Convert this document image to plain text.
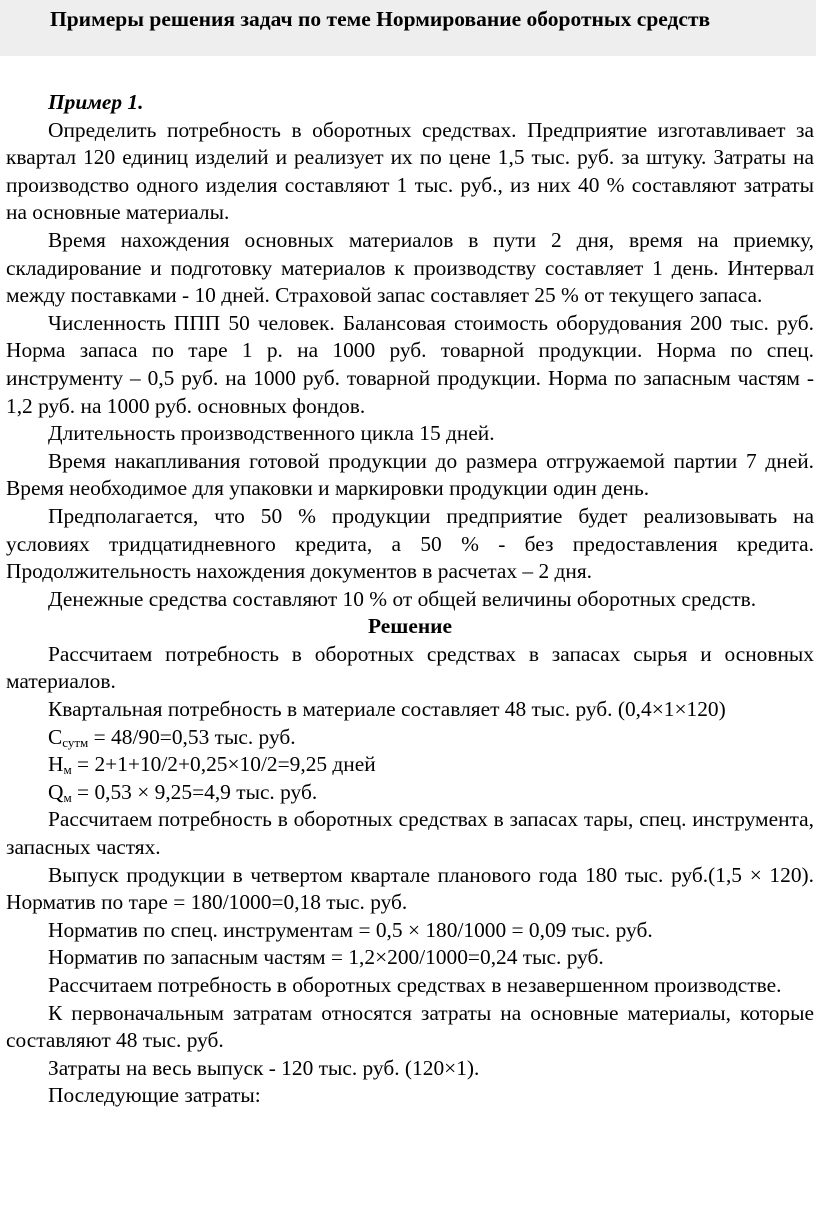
Примеры решения задач по теме Нормирование оборотных средств
Пример 1.

Определить потребность в оборотных средствах. Предприятие изготавливает за квартал 120 единиц изделий и реализует их по цене 1,5 тыс. руб. за штуку. Затраты на производство одного изделия составляют 1 тыс. руб., из них 40 % составляют затраты на основные материалы.

Время нахождения основных материалов в пути 2 дня, время на приемку, складирование и подготовку материалов к производству составляет 1 день. Интервал между поставками - 10 дней. Страховой запас составляет 25 % от текущего запаса.

Численность ППП 50 человек. Балансовая стоимость оборудования 200 тыс. руб. Норма запаса по таре 1 р. на 1000 руб. товарной продукции. Норма по спец. инструменту – 0,5 руб. на 1000 руб. товарной продукции. Норма по запасным частям - 1,2 руб. на 1000 руб. основных фондов.

Длительность производственного цикла 15 дней.

Время накапливания готовой продукции до размера отгружаемой партии 7 дней. Время необходимое для упаковки и маркировки продукции один день.

Предполагается, что 50 % продукции предприятие будет реализовывать на условиях тридцатидневного кредита, а 50 % - без предоставления кредита. Продолжительность нахождения документов в расчетах – 2 дня.

Денежные средства составляют 10 % от общей величины оборотных средств.

Решение

Рассчитаем потребность в оборотных средствах в запасах сырья и основных материалов.

Квартальная потребность в материале составляет 48 тыс. руб. (0,4×1×120)

$С_{сутм} = 48/90=0,53$ тыс. руб.

$Н_м = 2+1+10/2+0,25\times 10/2=9,25$ дней

$Q_м = 0,53 \times 9,25=4,9$ тыс. руб.

Рассчитаем потребность в оборотных средствах в запасах тары, спец. инструмента, запасных частях.

Выпуск продукции в четвертом квартале планового года 180 тыс. руб.(1,5 × 120). Норматив по таре = 180/1000=0,18 тыс. руб.

Норматив по спец. инструментам = 0,5 × 180/1000 = 0,09 тыс. руб.

Норматив по запасным частям = 1,2×200/1000=0,24 тыс. руб.

Рассчитаем потребность в оборотных средствах в незавершенном производстве.

К первоначальным затратам относятся затраты на основные материалы, которые составляют 48 тыс. руб.

Затраты на весь выпуск - 120 тыс. руб. (120×1).

Последующие затраты:
